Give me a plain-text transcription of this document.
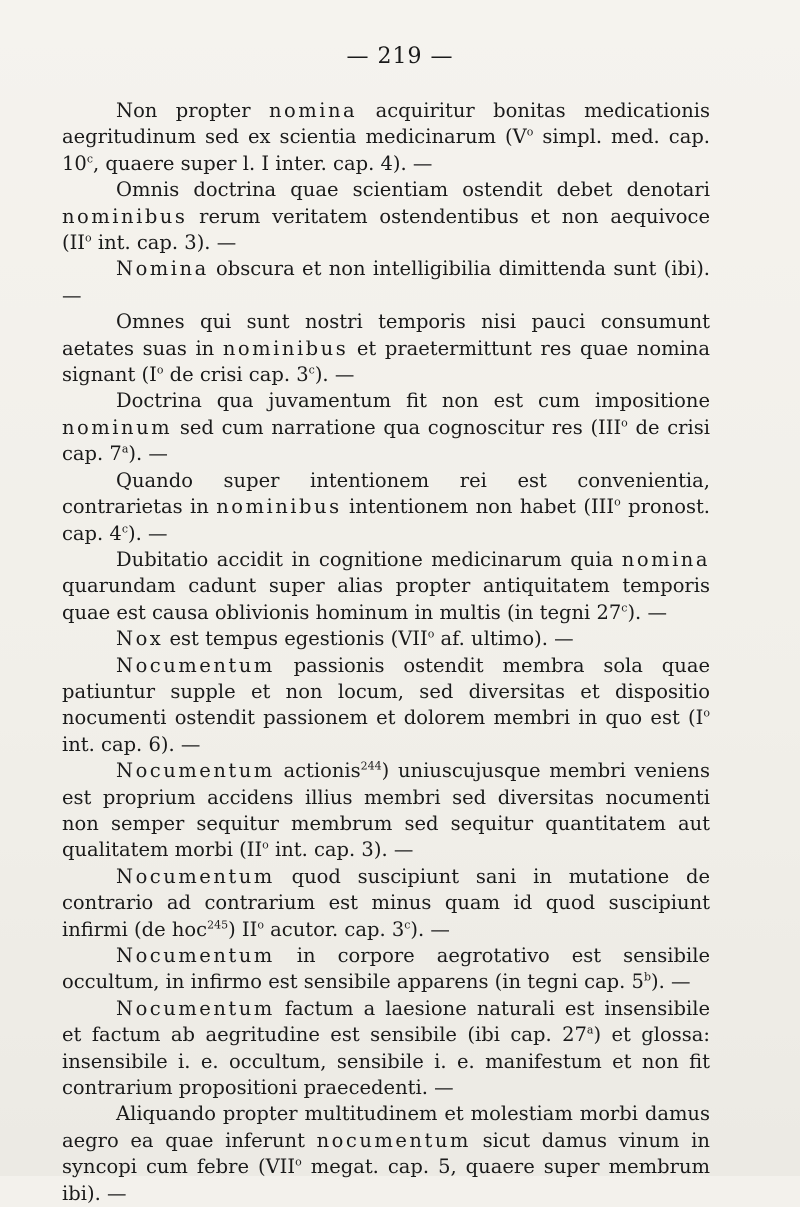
— 219 —

Non propter nomina acquiritur bonitas medicationis aegritudinum sed ex scientia medicinarum ($V^o$ simpl. med. cap. 10$^c$, quaere super l. I inter. cap. 4). —

Omnis doctrina quae scientiam ostendit debet denotari nominibus rerum veritatem ostendentibus et non aequivoce ($II^o$ int. cap. 3). —

Nomina obscura et non intelligibilia dimittenda sunt (ibi). —

Omnes qui sunt nostri temporis nisi pauci consumunt aetates suas in nominibus et praetermittunt res quae nomina signant ($I^o$ de crisi cap. 3$^c$). —

Doctrina qua juvamentum fit non est cum impositione nominum sed cum narratione qua cognoscitur res (III$^o$ de crisi cap. 7$^a$). —

Quando super intentionem rei est convenientia, contrarietas in nominibus intentionem non habet (III$^o$ pronost. cap. 4$^c$). —

Dubitatio accidit in cognitione medicinarum quia nomina quarundam cadunt super alias propter antiquitatem temporis quae est causa oblivionis hominum in multis (in tegni 27$^c$). —

Nox est tempus egestionis (VII$^o$ af. ultimo). —

Nocumentum passionis ostendit membra sola quae patiuntur supple et non locum, sed diversitas et dispositio nocumenti ostendit passionem et dolorem membri in quo est ($I^o$ int. cap. 6). —

Nocumentum actionis$^{244}$) uniuscujusque membri veniens est proprium accidens illius membri sed diversitas nocumenti non semper sequitur membrum sed sequitur quantitatem aut qualitatem morbi ($II^o$ int. cap. 3). —

Nocumentum quod suscipiunt sani in mutatione de contrario ad contrarium est minus quam id quod suscipiunt infirmi (de hoc$^{245}$) $II^o$ acutor. cap. 3$^c$). —

Nocumentum in corpore aegrotativo est sensibile occultum, in infirmo est sensibile apparens (in tegni cap. 5$^b$). —

Nocumentum factum a laesione naturali est insensibile et factum ab aegritudine est sensibile (ibi cap. 27$^a$) et glossa: insensibile i. e. occultum, sensibile i. e. manifestum et non fit contrarium propositioni praecedenti. —

Aliquando propter multitudinem et molestiam morbi damus aegro ea quae inferunt nocumentum sicut damus vinum in syncopi cum febre (VII$^o$ megat. cap. 5, quaere super membrum ibi). —
